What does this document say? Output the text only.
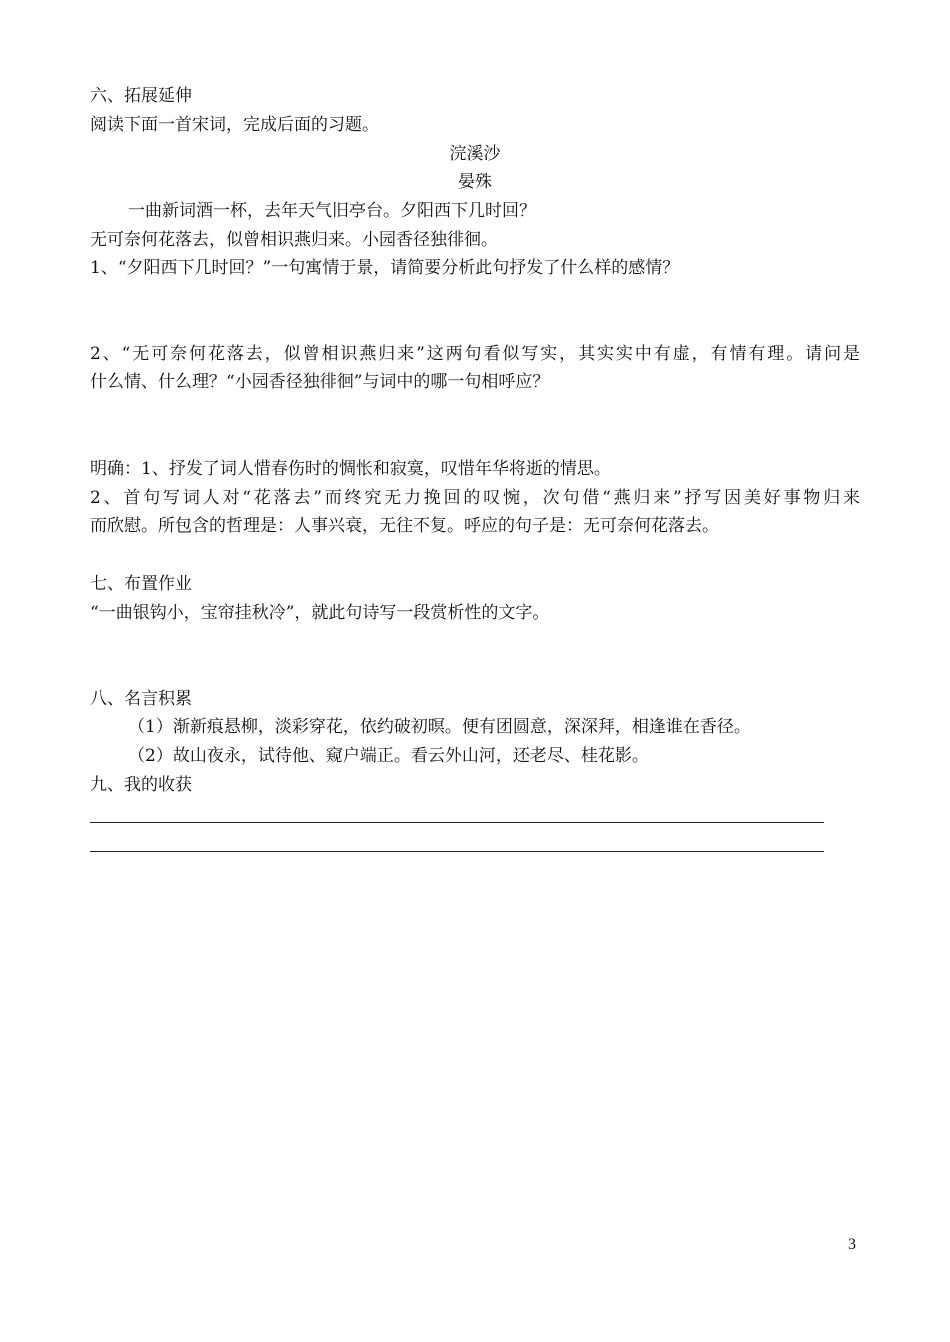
六、拓展延伸
阅读下面一首宋词，完成后面的习题。
浣溪沙
晏殊
一曲新词酒一杯，去年天气旧亭台。夕阳西下几时回？
无可奈何花落去，似曾相识燕归来。小园香径独徘徊。
1、“夕阳西下几时回？”一句寓情于景，请简要分析此句抒发了什么样的感情？
2、“无可奈何花落去，似曾相识燕归来”这两句看似写实，其实实中有虚，有情有理。请问是
什么情、什么理？“小园香径独徘徊”与词中的哪一句相呼应？
明确：1、抒发了词人惜春伤时的惆怅和寂寞，叹惜年华将逝的情思。
2、首句写词人对“花落去”而终究无力挽回的叹惋，次句借“燕归来”抒写因美好事物归来
而欣慰。所包含的哲理是：人事兴衰，无往不复。呼应的句子是：无可奈何花落去。
七、布置作业
“一曲银钩小，宝帘挂秋冷”，就此句诗写一段赏析性的文字。
八、名言积累
（1）渐新痕悬柳，淡彩穿花，依约破初暝。便有团圆意，深深拜，相逢谁在香径。
（2）故山夜永，试待他、窥户端正。看云外山河，还老尽、桂花影。
九、我的收获
3
